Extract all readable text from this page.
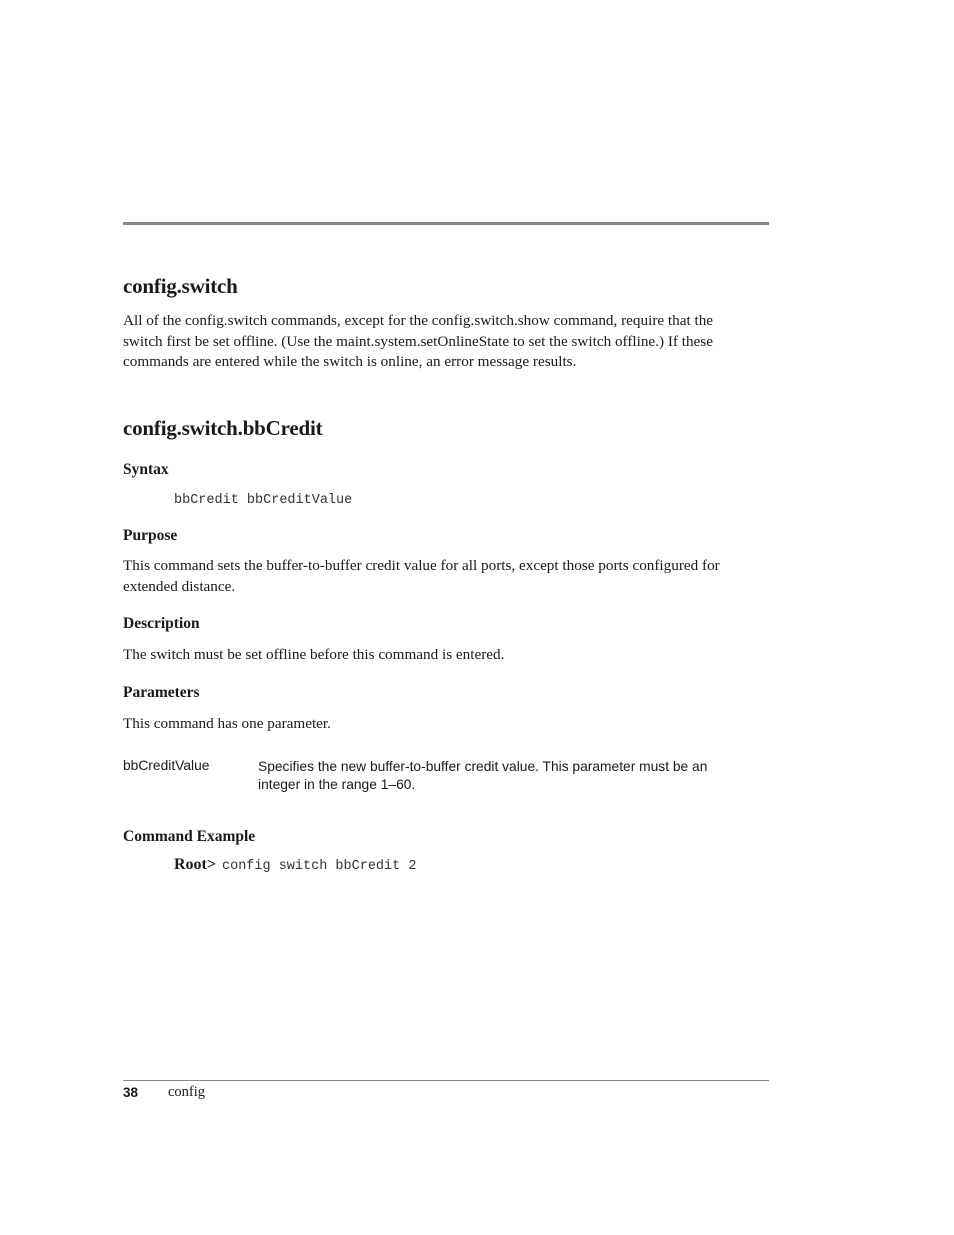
config.switch
All of the config.switch commands, except for the config.switch.show command, require that the switch first be set offline. (Use the maint.system.setOnlineState to set the switch offline.) If these commands are entered while the switch is online, an error message results.
config.switch.bbCredit
Syntax
bbCredit bbCreditValue
Purpose
This command sets the buffer-to-buffer credit value for all ports, except those ports configured for extended distance.
Description
The switch must be set offline before this command is entered.
Parameters
This command has one parameter.
bbCreditValue	Specifies the new buffer-to-buffer credit value. This parameter must be an integer in the range 1–60.
Command Example
Root> config switch bbCredit 2
38 config
